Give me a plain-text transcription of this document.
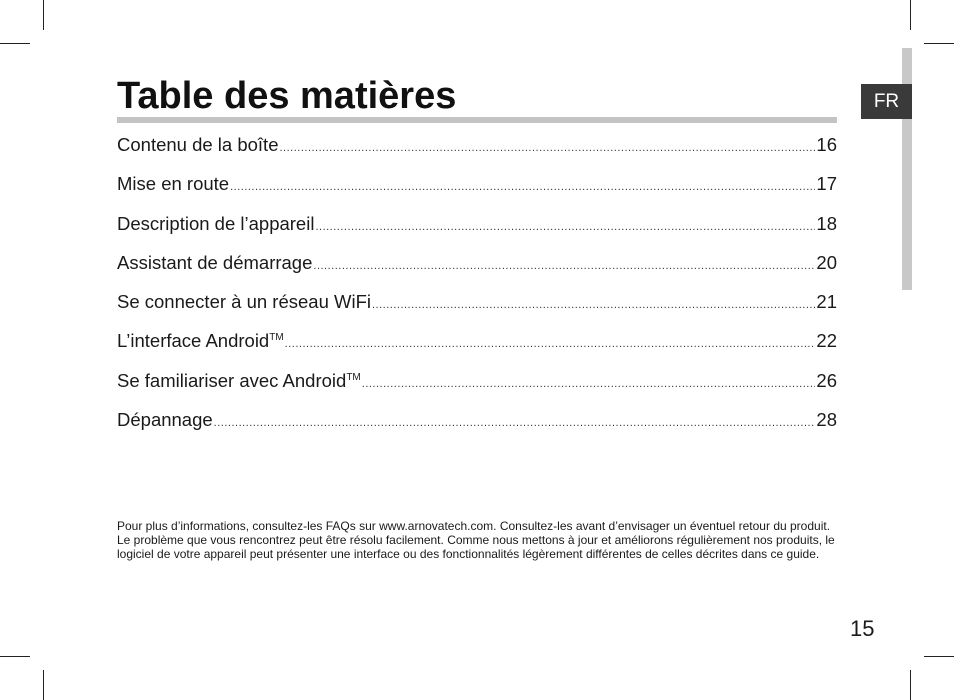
FR
Table des matières
Contenu de la boîte .....	16
Mise en route .....	17
Description de l’appareil .....	18
Assistant de démarrage .....	20
Se connecter à un réseau WiFi .....	21
L’interface Android™ .....	22
Se familiariser avec Android™ .....	26
Dépannage .....	28

Pour plus d’informations, consultez-les FAQs sur www.arnovatech.com. Consultez-les avant d’envisager un éventuel retour du produit. Le problème que vous rencontrez peut être résolu facilement. Comme nous mettons à jour et améliorons régulièrement nos produits, le logiciel de votre appareil peut présenter une interface ou des fonctionnalités légèrement différentes de celles décrites dans ce guide.

15
